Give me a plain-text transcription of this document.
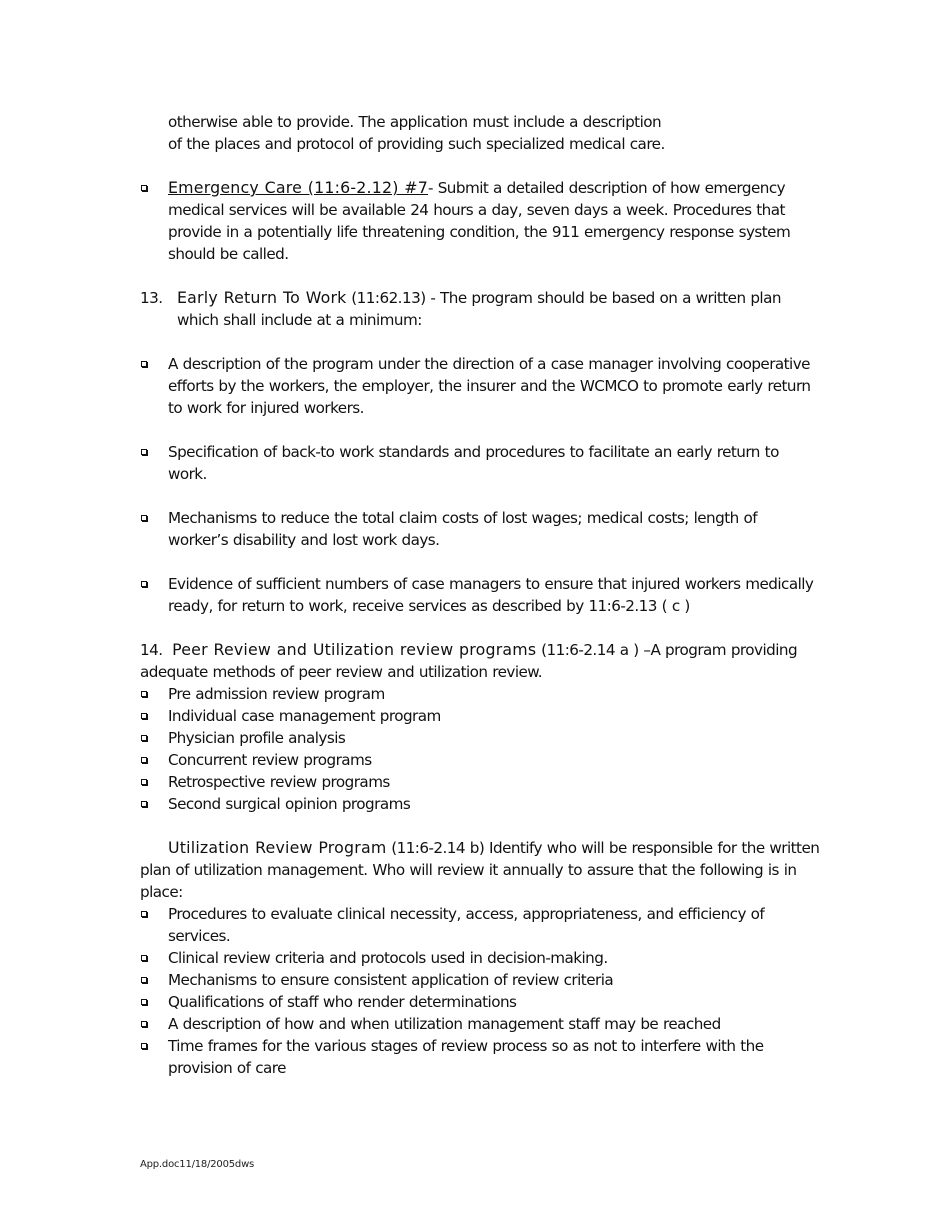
otherwise able to provide. The application must include a description

of the places and protocol of providing such specialized medical care.

Emergency Care (11:6-2.12) #7- Submit a detailed description of how emergency medical services will be available 24 hours a day, seven days a week. Procedures that provide in a potentially life threatening condition, the 911 emergency response system should be called.

13. Early Return To Work (11:62.13) - The program should be based on a written plan which shall include at a minimum:

A description of the program under the direction of a case manager involving cooperative efforts by the workers, the employer, the insurer and the WCMCO to promote early return to work for injured workers.

Specification of back-to work standards and procedures to facilitate an early return to work.

Mechanisms to reduce the total claim costs of lost wages; medical costs; length of worker’s disability and lost work days.

Evidence of sufficient numbers of case managers to ensure that injured workers medically ready, for return to work, receive services as described by 11:6-2.13 ( c )

14. Peer Review and Utilization review programs (11:6-2.14 a ) –A program providing adequate methods of peer review and utilization review.

Pre admission review program

Individual case management program

Physician profile analysis

Concurrent review programs

Retrospective review programs

Second surgical opinion programs

Utilization Review Program (11:6-2.14 b) Identify who will be responsible for the written plan of utilization management. Who will review it annually to assure that the following is in place:

Procedures to evaluate clinical necessity, access, appropriateness, and efficiency of services.

Clinical review criteria and protocols used in decision-making.

Mechanisms to ensure consistent application of review criteria

Qualifications of staff who render determinations

A description of how and when utilization management staff may be reached

Time frames for the various stages of review process so as not to interfere with the provision of care

App.doc11/18/2005dws
